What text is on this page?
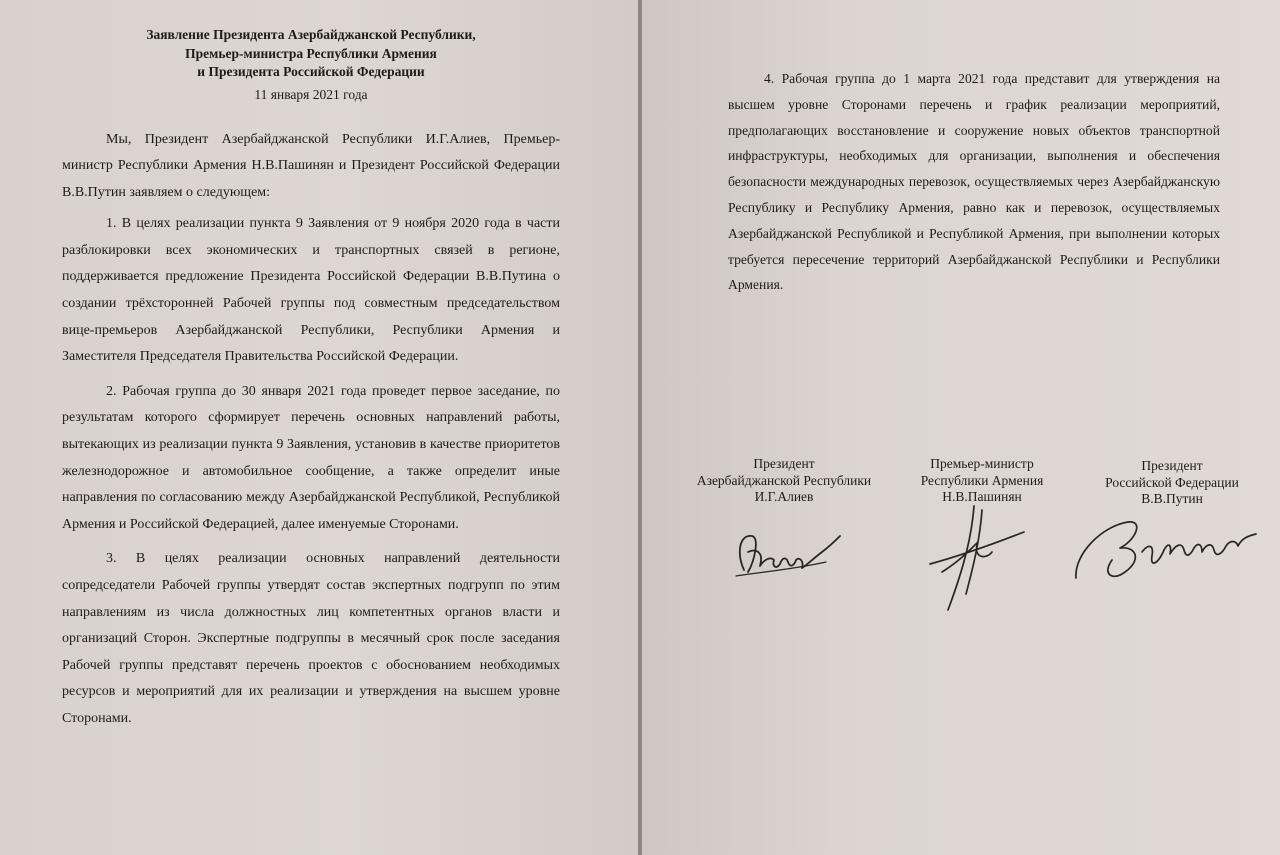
Заявление Президента Азербайджанской Республики,
Премьер-министра Республики Армения
и Президента Российской Федерации

11 января 2021 года

Мы, Президент Азербайджанской Республики И.Г.Алиев, Премьер-министр Республики Армения Н.В.Пашинян и Президент Российской Федерации В.В.Путин заявляем о следующем:

1. В целях реализации пункта 9 Заявления от 9 ноября 2020 года в части разблокировки всех экономических и транспортных связей в регионе, поддерживается предложение Президента Российской Федерации В.В.Путина о создании трёхсторонней Рабочей группы под совместным председательством вице-премьеров Азербайджанской Республики, Республики Армения и Заместителя Председателя Правительства Российской Федерации.

2. Рабочая группа до 30 января 2021 года проведет первое заседание, по результатам которого сформирует перечень основных направлений работы, вытекающих из реализации пункта 9 Заявления, установив в качестве приоритетов железнодорожное и автомобильное сообщение, а также определит иные направления по согласованию между Азербайджанской Республикой, Республикой Армения и Российской Федерацией, далее именуемые Сторонами.

3. В целях реализации основных направлений деятельности сопредседатели Рабочей группы утвердят состав экспертных подгрупп по этим направлениям из числа должностных лиц компетентных органов власти и организаций Сторон. Экспертные подгруппы в месячный срок после заседания Рабочей группы представят перечень проектов с обоснованием необходимых ресурсов и мероприятий для их реализации и утверждения на высшем уровне Сторонами.

4. Рабочая группа до 1 марта 2021 года представит для утверждения на высшем уровне Сторонами перечень и график реализации мероприятий, предполагающих восстановление и сооружение новых объектов транспортной инфраструктуры, необходимых для организации, выполнения и обеспечения безопасности международных перевозок, осуществляемых через Азербайджанскую Республику и Республику Армения, равно как и перевозок, осуществляемых Азербайджанской Республикой и Республикой Армения, при выполнении которых требуется пересечение территорий Азербайджанской Республики и Республики Армения.

Президент
Азербайджанской Республики
И.Г.Алиев
Премьер-министр
Республики Армения
Н.В.Пашинян
Президент
Российской Федерации
В.В.Путин
